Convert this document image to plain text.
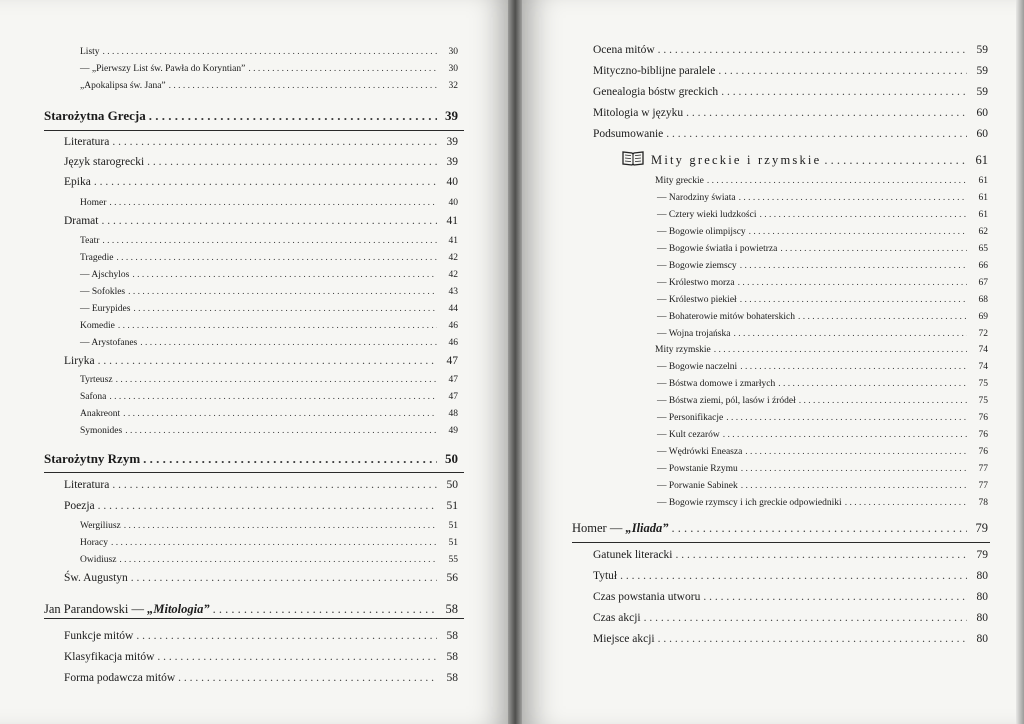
Listy . . .	30
— „Pierwszy List św. Pawła do Koryntian” . . .	30
„Apokalipsa św. Jana” . . .	32
Starożytna Grecja . . .	39
Literatura . . .	39
Język starogrecki . . .	39
Epika . . .	40
Homer . . .	40
Dramat . . .	41
Teatr . . .	41
Tragedie . . .	42
— Ajschylos . . .	42
— Sofokles . . .	43
— Eurypides . . .	44
Komedie . . .	46
— Arystofanes . . .	46
Liryka . . .	47
Tyrteusz . . .	47
Safona . . .	47
Anakreont . . .	48
Symonides . . .	49
Starożytny Rzym . . .	50
Literatura . . .	50
Poezja . . .	51
Wergiliusz . . .	51
Horacy . . .	51
Owidiusz . . .	55
Św. Augustyn . . .	56
Jan Parandowski — „Mitologia” . . .	58
Funkcje mitów . . .	58
Klasyfikacja mitów . . .	58
Forma podawcza mitów . . .	58
Ocena mitów . . .	59
Mityczno-biblijne paralele . . .	59
Genealogia bóstw greckich . . .	59
Mitologia w języku . . .	60
Podsumowanie . . .	60
Mity greckie i rzymskie . . .	61
Mity greckie . . .	61
— Narodziny świata . . .	61
— Cztery wieki ludzkości . . .	61
— Bogowie olimpijscy . . .	62
— Bogowie światła i powietrza . . .	65
— Bogowie ziemscy . . .	66
— Królestwo morza . . .	67
— Królestwo piekieł . . .	68
— Bohaterowie mitów bohaterskich . . .	69
— Wojna trojańska . . .	72
Mity rzymskie . . .	74
— Bogowie naczelni . . .	74
— Bóstwa domowe i zmarłych . . .	75
— Bóstwa ziemi, pól, lasów i źródeł . . .	75
— Personifikacje . . .	76
— Kult cezarów . . .	76
— Wędrówki Eneasza . . .	76
— Powstanie Rzymu . . .	77
— Porwanie Sabinek . . .	77
— Bogowie rzymscy i ich greckie odpowiedniki . . .	78
Homer — „Iliada” . . .	79
Gatunek literacki . . .	79
Tytuł . . .	80
Czas powstania utworu . . .	80
Czas akcji . . .	80
Miejsce akcji . . .	80
